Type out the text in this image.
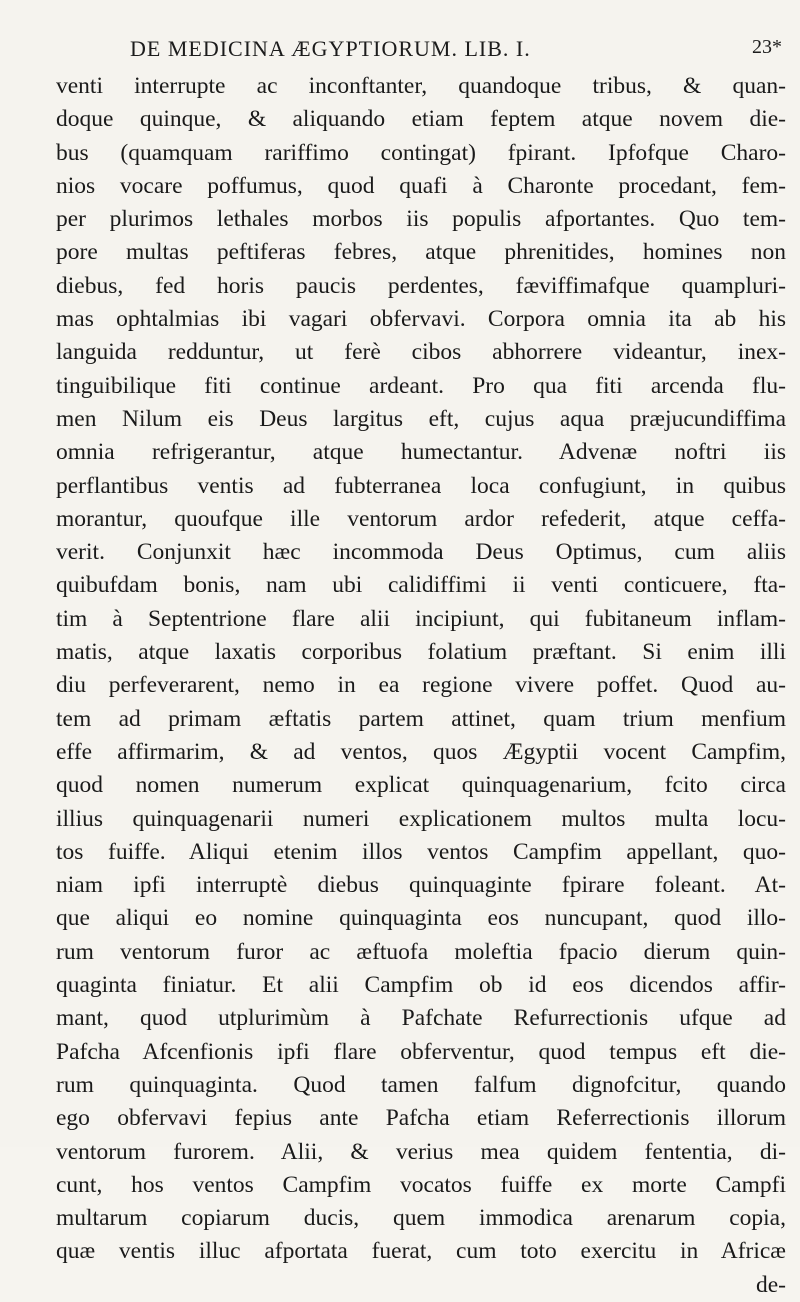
DE MEDICINA ÆGYPTIORUM. LIB. I.	23*
venti interrupte ac inconftanter, quandoque tribus, & quan-
doque quinque, & aliquando etiam feptem atque novem die-
bus (quamquam rariffimo contingat) fpirant. Ipfofque Charo-
nios vocare poffumus, quod quafi à Charonte procedant, fem-
per plurimos lethales morbos iis populis afportantes. Quo tem-
pore multas peftiferas febres, atque phrenitides, homines non
diebus, fed horis paucis perdentes, fæviffimafque quampluri-
mas ophtalmias ibi vagari obfervavi. Corpora omnia ita ab his
languida redduntur, ut ferè cibos abhorrere videantur, inex-
tinguibilique fiti continue ardeant. Pro qua fiti arcenda flu-
men Nilum eis Deus largitus eft, cujus aqua præjucundiffima
omnia refrigerantur, atque humectantur. Advenæ noftri iis
perflantibus ventis ad fubterranea loca confugiunt, in quibus
morantur, quoufque ille ventorum ardor refederit, atque ceffa-
verit. Conjunxit hæc incommoda Deus Optimus, cum aliis
quibufdam bonis, nam ubi calidiffimi ii venti conticuere, fta-
tim à Septentrione flare alii incipiunt, qui fubitaneum inflam-
matis, atque laxatis corporibus folatium præftant. Si enim illi
diu perfeverarent, nemo in ea regione vivere poffet. Quod au-
tem ad primam æftatis partem attinet, quam trium menfium
effe affirmarim, & ad ventos, quos Ægyptii vocent Campfim,
quod nomen numerum explicat quinquagenarium, fcito circa
illius quinquagenarii numeri explicationem multos multa locu-
tos fuiffe. Aliqui etenim illos ventos Campfim appellant, quo-
niam ipfi interruptè diebus quinquaginte fpirare foleant. At-
que aliqui eo nomine quinquaginta eos nuncupant, quod illo-
rum ventorum furor ac æftuofa moleftia fpacio dierum quin-
quaginta finiatur. Et alii Campfim ob id eos dicendos affir-
mant, quod utplurimùm à Pafchate Refurrectionis ufque ad
Pafcha Afcenfionis ipfi flare obferventur, quod tempus eft die-
rum quinquaginta. Quod tamen falfum dignofcitur, quando
ego obfervavi fepius ante Pafcha etiam Referrectionis illorum
ventorum furorem. Alii, & verius mea quidem fententia, di-
cunt, hos ventos Campfim vocatos fuiffe ex morte Campfi
multarum copiarum ducis, quem immodica arenarum copia,
quæ ventis illuc afportata fuerat, cum toto exercitu in Africæ
de-
